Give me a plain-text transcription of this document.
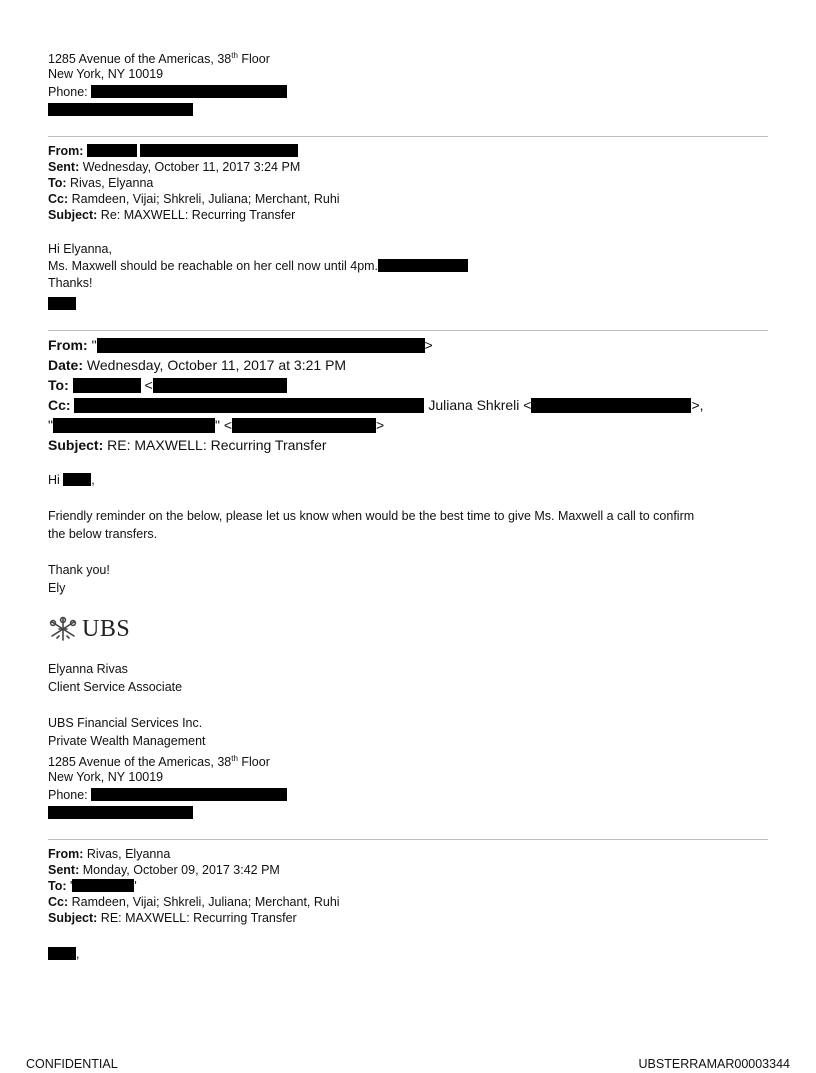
1285 Avenue of the Americas, 38th Floor
New York, NY 10019
Phone:
From:
Sent: Wednesday, October 11, 2017 3:24 PM
To: Rivas, Elyanna
Cc: Ramdeen, Vijai; Shkreli, Juliana; Merchant, Ruhi
Subject: Re: MAXWELL: Recurring Transfer
Hi Elyanna,
Ms. Maxwell should be reachable on her cell now until 4pm.
Thanks!
From: "	>
Date: Wednesday, October 11, 2017 at 3:21 PM
To:	<
Cc:	Juliana Shkreli <	>,
"	" <	>
Subject: RE: MAXWELL: Recurring Transfer
Hi ,
Friendly reminder on the below, please let us know when would be the best time to give Ms. Maxwell a call to confirm
the below transfers.
Thank you!
Ely
UBS
Elyanna Rivas
Client Service Associate
UBS Financial Services Inc.
Private Wealth Management
1285 Avenue of the Americas, 38th Floor
New York, NY 10019
Phone:
From: Rivas, Elyanna
Sent: Monday, October 09, 2017 3:42 PM
To: '	'
Cc: Ramdeen, Vijai; Shkreli, Juliana; Merchant, Ruhi
Subject: RE: MAXWELL: Recurring Transfer
,
CONFIDENTIAL	UBSTERRAMAR00003344
